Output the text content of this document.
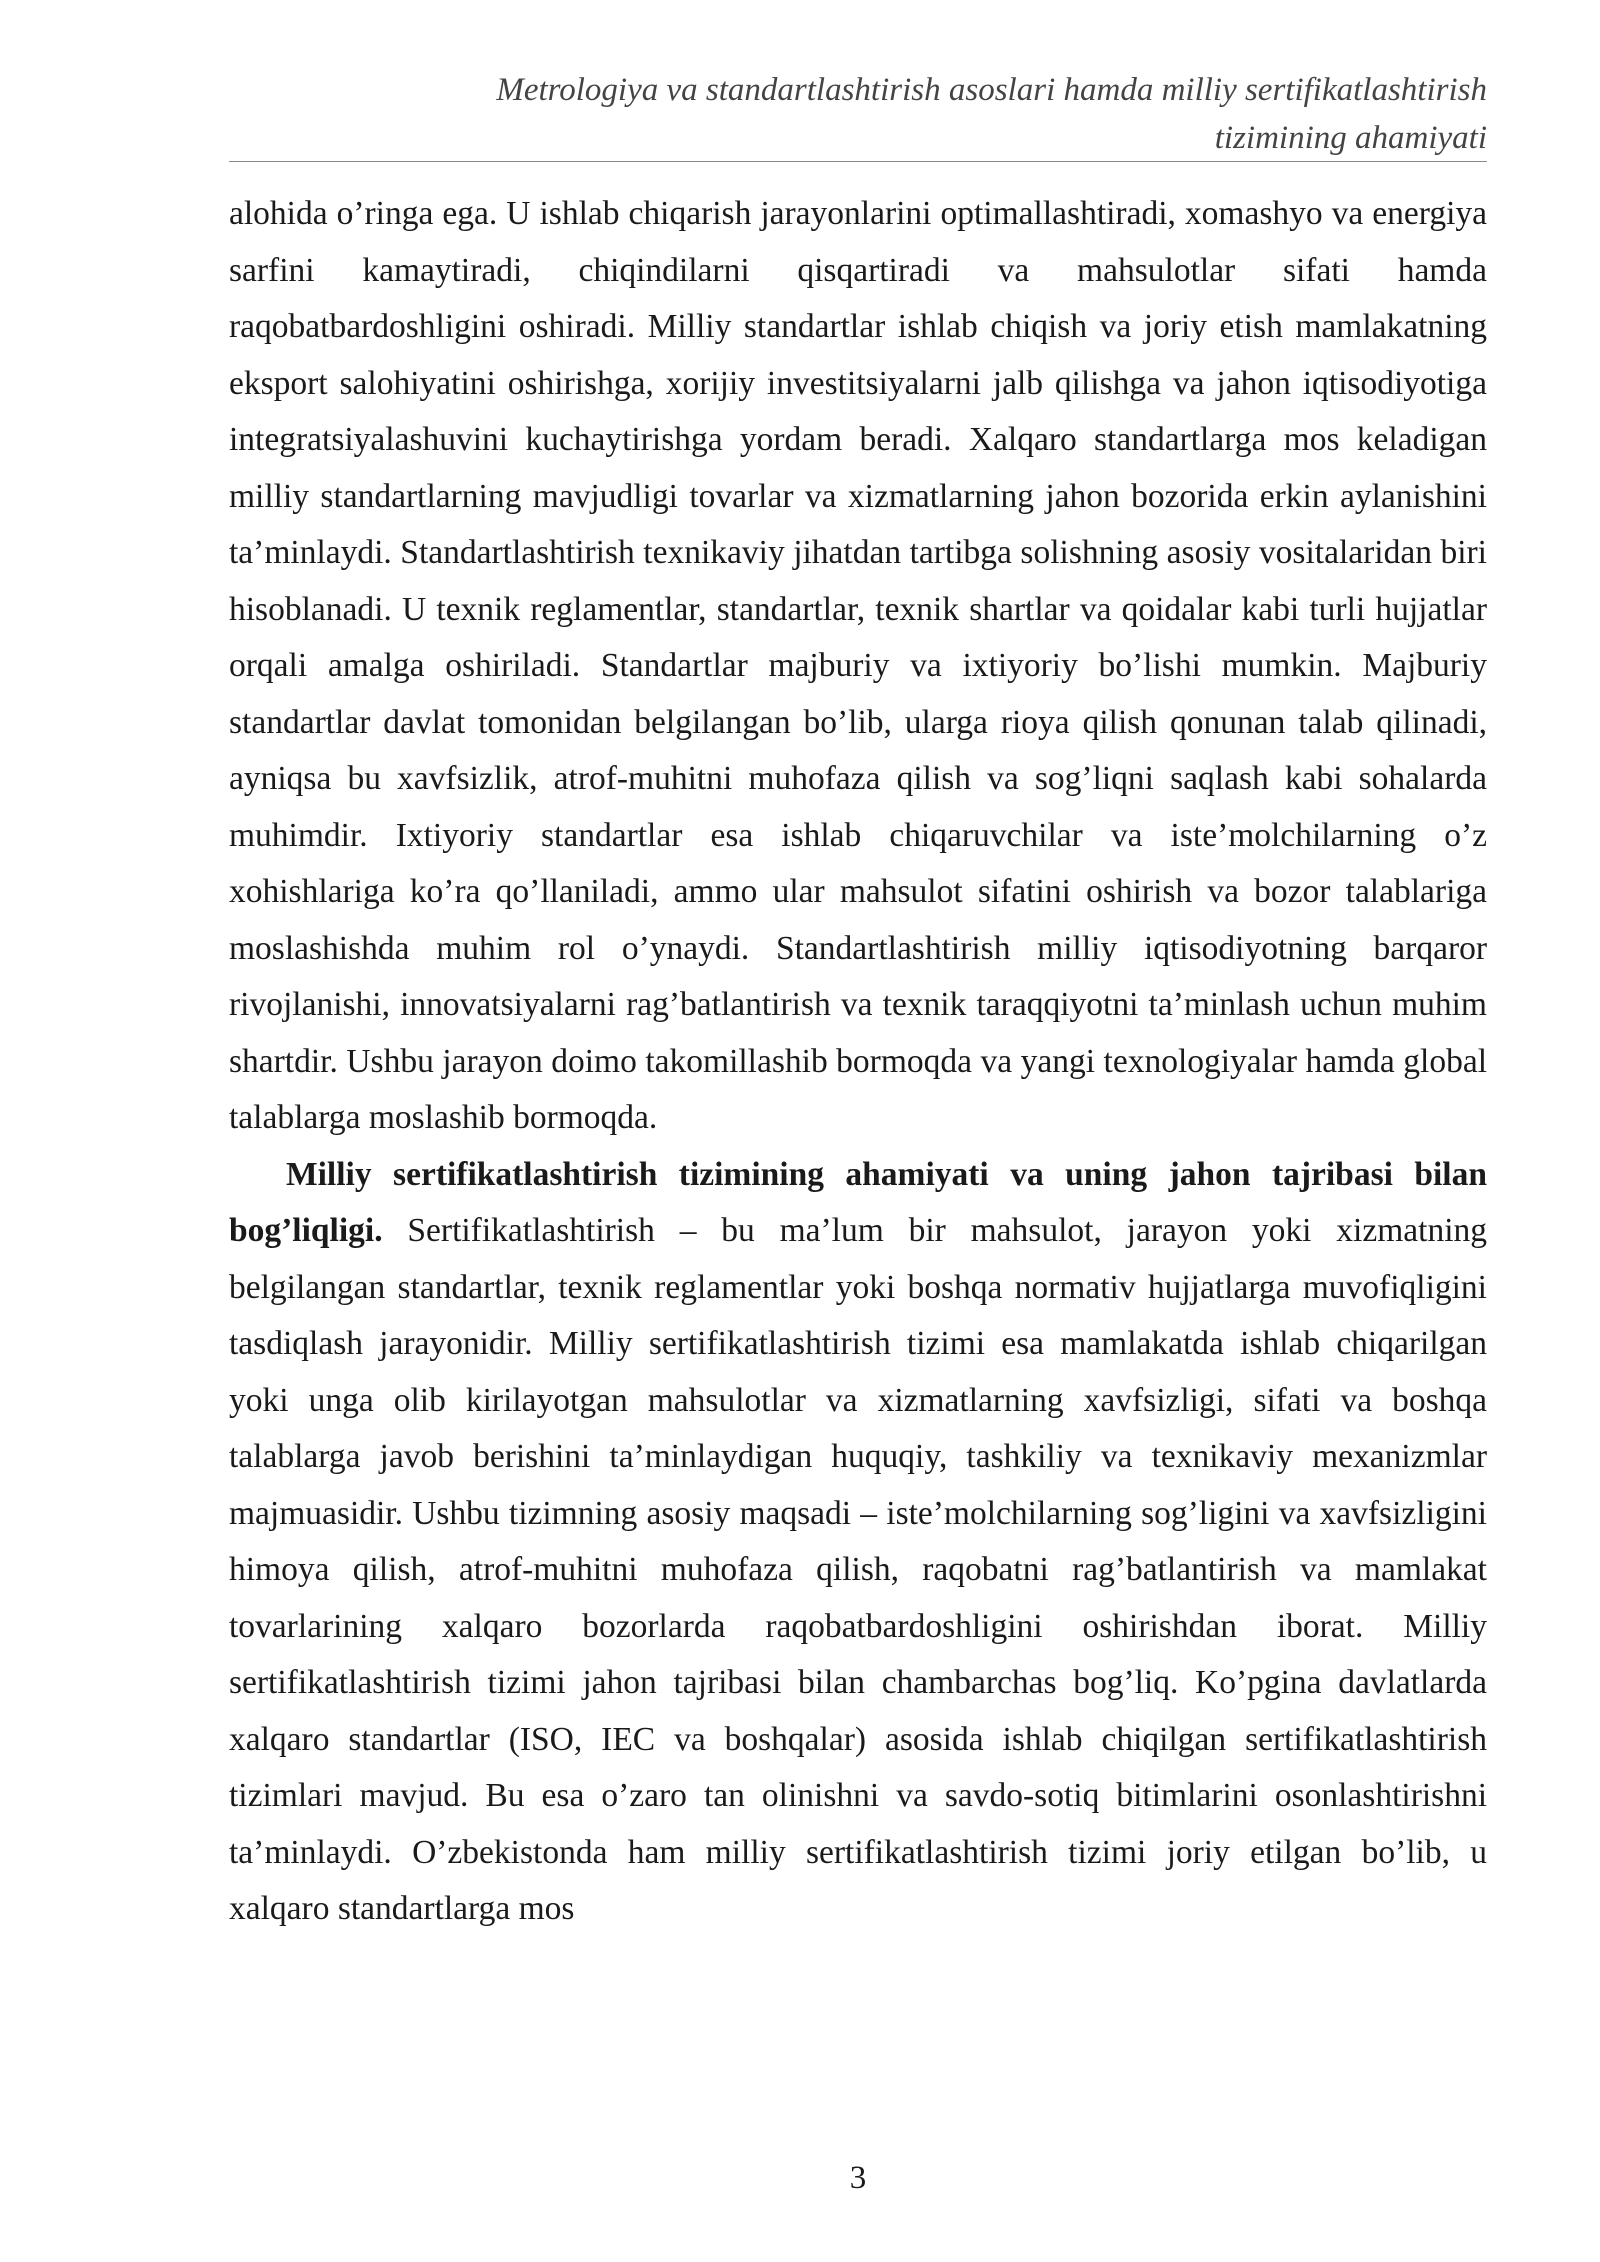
Metrologiya va standartlashtirish asoslari hamda milliy sertifikatlashtirish
tizimining ahamiyati

alohida o’ringa ega. U ishlab chiqarish jarayonlarini optimallashtiradi, xomashyo va energiya sarfini kamaytiradi, chiqindilarni qisqartiradi va mahsulotlar sifati hamda raqobatbardoshligini oshiradi. Milliy standartlar ishlab chiqish va joriy etish mamlakatning eksport salohiyatini oshirishga, xorijiy investitsiyalarni jalb qilishga va jahon iqtisodiyotiga integratsiyalashuvini kuchaytirishga yordam beradi. Xalqaro standartlarga mos keladigan milliy standartlarning mavjudligi tovarlar va xizmatlarning jahon bozorida erkin aylanishini ta’minlaydi. Standartlashtirish texnikaviy jihatdan tartibga solishning asosiy vositalaridan biri hisoblanadi. U texnik reglamentlar, standartlar, texnik shartlar va qoidalar kabi turli hujjatlar orqali amalga oshiriladi. Standartlar majburiy va ixtiyoriy bo’lishi mumkin. Majburiy standartlar davlat tomonidan belgilangan bo’lib, ularga rioya qilish qonunan talab qilinadi, ayniqsa bu xavfsizlik, atrof-muhitni muhofaza qilish va sog’liqni saqlash kabi sohalarda muhimdir. Ixtiyoriy standartlar esa ishlab chiqaruvchilar va iste’molchilarning o’z xohishlariga ko’ra qo’llaniladi, ammo ular mahsulot sifatini oshirish va bozor talablariga moslashishda muhim rol o’ynaydi. Standartlashtirish milliy iqtisodiyotning barqaror rivojlanishi, innovatsiyalarni rag’batlantirish va texnik taraqqiyotni ta’minlash uchun muhim shartdir. Ushbu jarayon doimo takomillashib bormoqda va yangi texnologiyalar hamda global talablarga moslashib bormoqda.

Milliy sertifikatlashtirish tizimining ahamiyati va uning jahon tajribasi bilan bog’liqligi. Sertifikatlashtirish – bu ma’lum bir mahsulot, jarayon yoki xizmatning belgilangan standartlar, texnik reglamentlar yoki boshqa normativ hujjatlarga muvofiqligini tasdiqlash jarayonidir. Milliy sertifikatlashtirish tizimi esa mamlakatda ishlab chiqarilgan yoki unga olib kirilayotgan mahsulotlar va xizmatlarning xavfsizligi, sifati va boshqa talablarga javob berishini ta’minlaydigan huquqiy, tashkiliy va texnikaviy mexanizmlar majmuasidir. Ushbu tizimning asosiy maqsadi – iste’molchilarning sog’ligini va xavfsizligini himoya qilish, atrof-muhitni muhofaza qilish, raqobatni rag’batlantirish va mamlakat tovarlarining xalqaro bozorlarda raqobatbardoshligini oshirishdan iborat. Milliy sertifikatlashtirish tizimi jahon tajribasi bilan chambarchas bog’liq. Ko’pgina davlatlarda xalqaro standartlar (ISO, IEC va boshqalar) asosida ishlab chiqilgan sertifikatlashtirish tizimlari mavjud. Bu esa o’zaro tan olinishni va savdo-sotiq bitimlarini osonlashtirishni ta’minlaydi. O’zbekistonda ham milliy sertifikatlashtirish tizimi joriy etilgan bo’lib, u xalqaro standartlarga mos

3
